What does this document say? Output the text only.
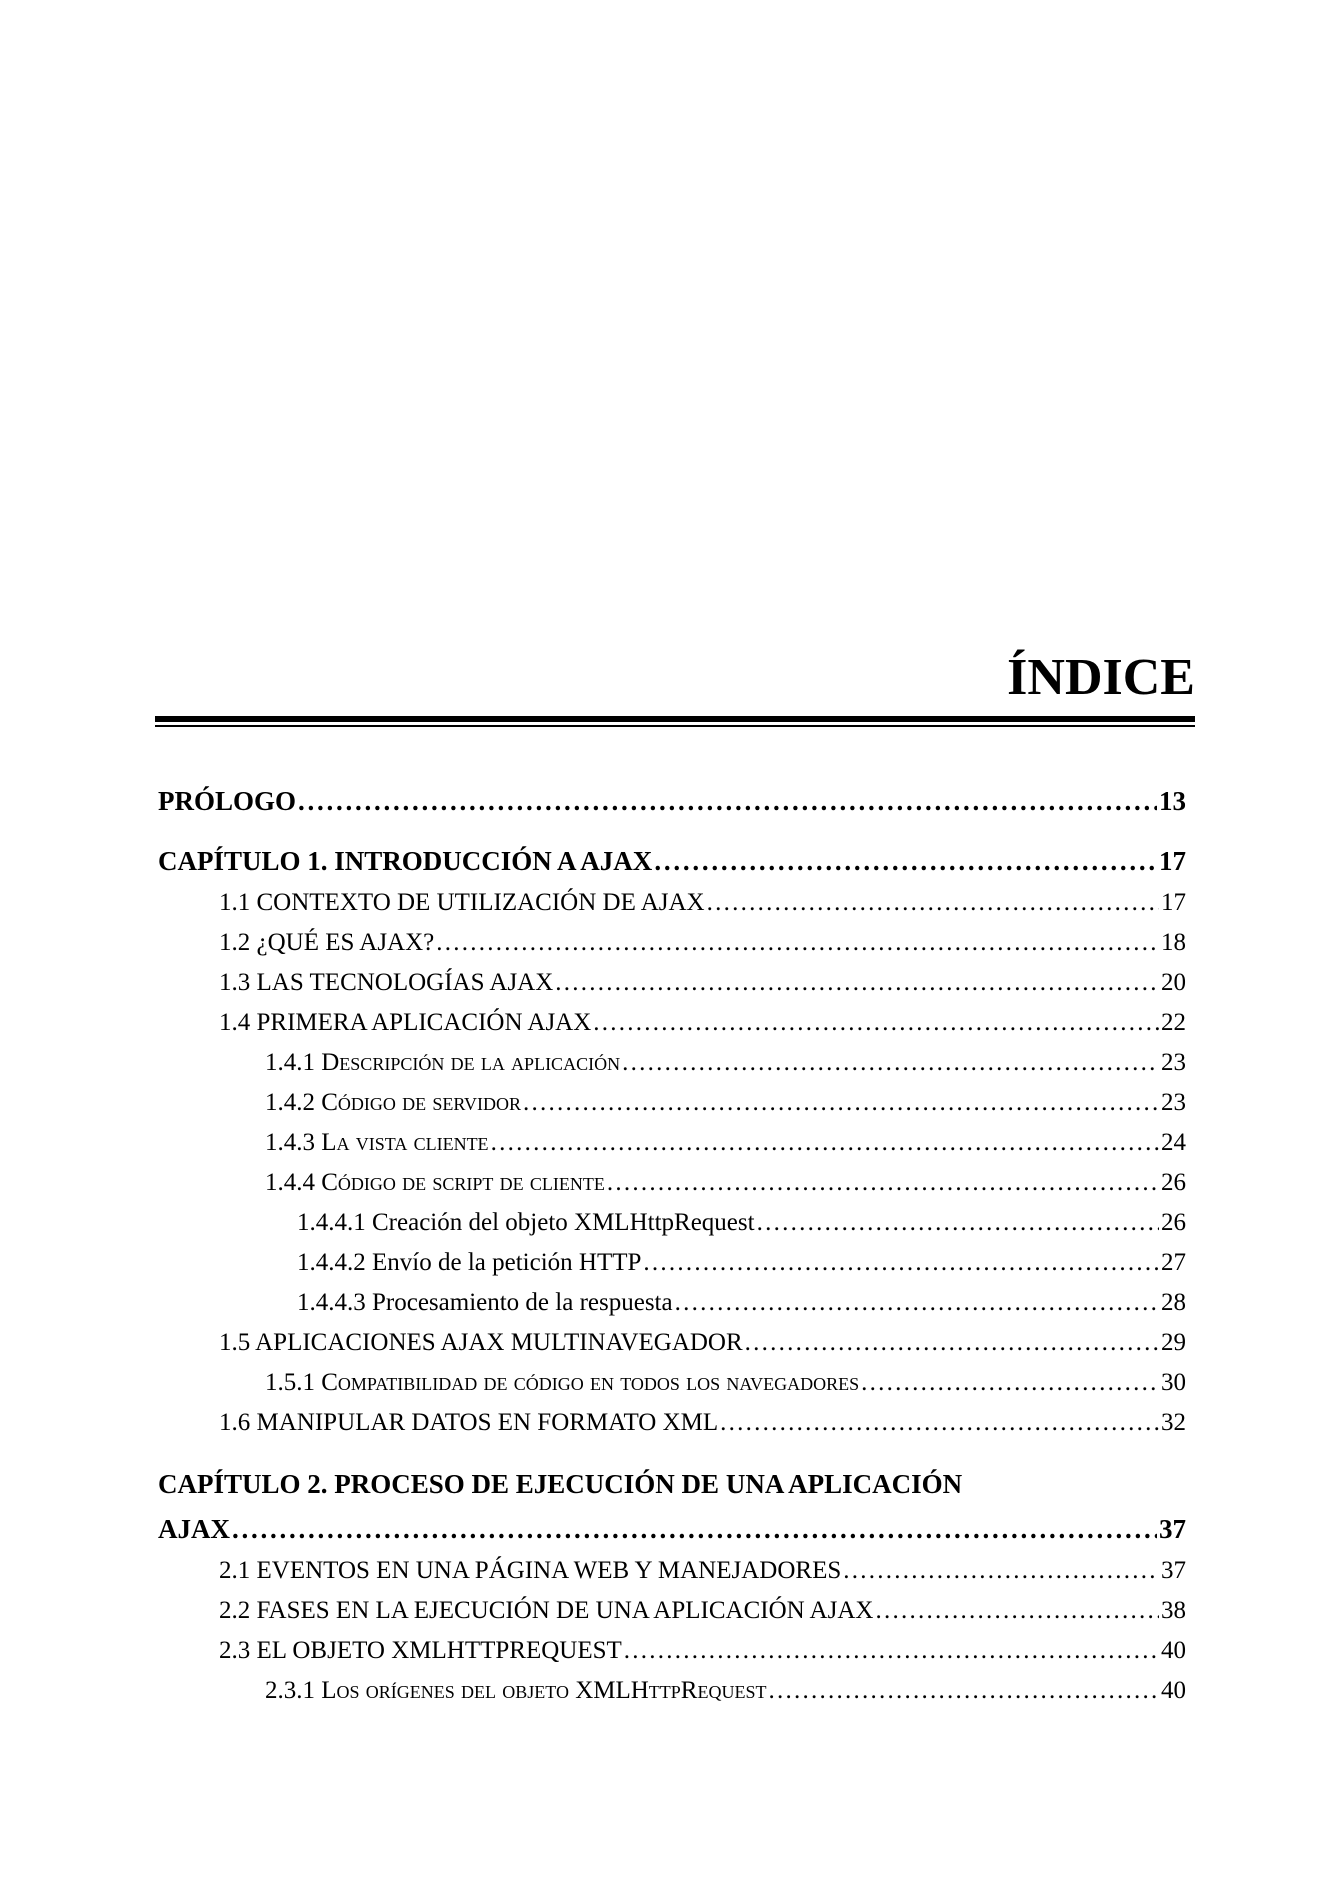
ÍNDICE
PRÓLOGO . . .	13
CAPÍTULO 1. INTRODUCCIÓN A AJAX . . .	17
1.1 CONTEXTO DE UTILIZACIÓN DE AJAX . . .	17
1.2 ¿QUÉ ES AJAX? . . .	18
1.3 LAS TECNOLOGÍAS AJAX . . .	20
1.4 PRIMERA APLICACIÓN AJAX . . .	22
1.4.1 Descripción de la aplicación . . .	23
1.4.2 Código de servidor . . .	23
1.4.3 La vista cliente . . .	24
1.4.4 Código de script de cliente . . .	26
1.4.4.1 Creación del objeto XMLHttpRequest . . .	26
1.4.4.2 Envío de la petición HTTP . . .	27
1.4.4.3 Procesamiento de la respuesta . . .	28
1.5 APLICACIONES AJAX MULTINAVEGADOR . . .	29
1.5.1 Compatibilidad de código en todos los navegadores . . .	30
1.6 MANIPULAR DATOS EN FORMATO XML . . .	32
CAPÍTULO 2. PROCESO DE EJECUCIÓN DE UNA APLICACIÓN
AJAX . . .	37
2.1 EVENTOS EN UNA PÁGINA WEB Y MANEJADORES . . .	37
2.2 FASES EN LA EJECUCIÓN DE UNA APLICACIÓN AJAX . . .	38
2.3 EL OBJETO XMLHTTPREQUEST . . .	40
2.3.1 Los orígenes del objeto XMLHttpRequest . . .	40
